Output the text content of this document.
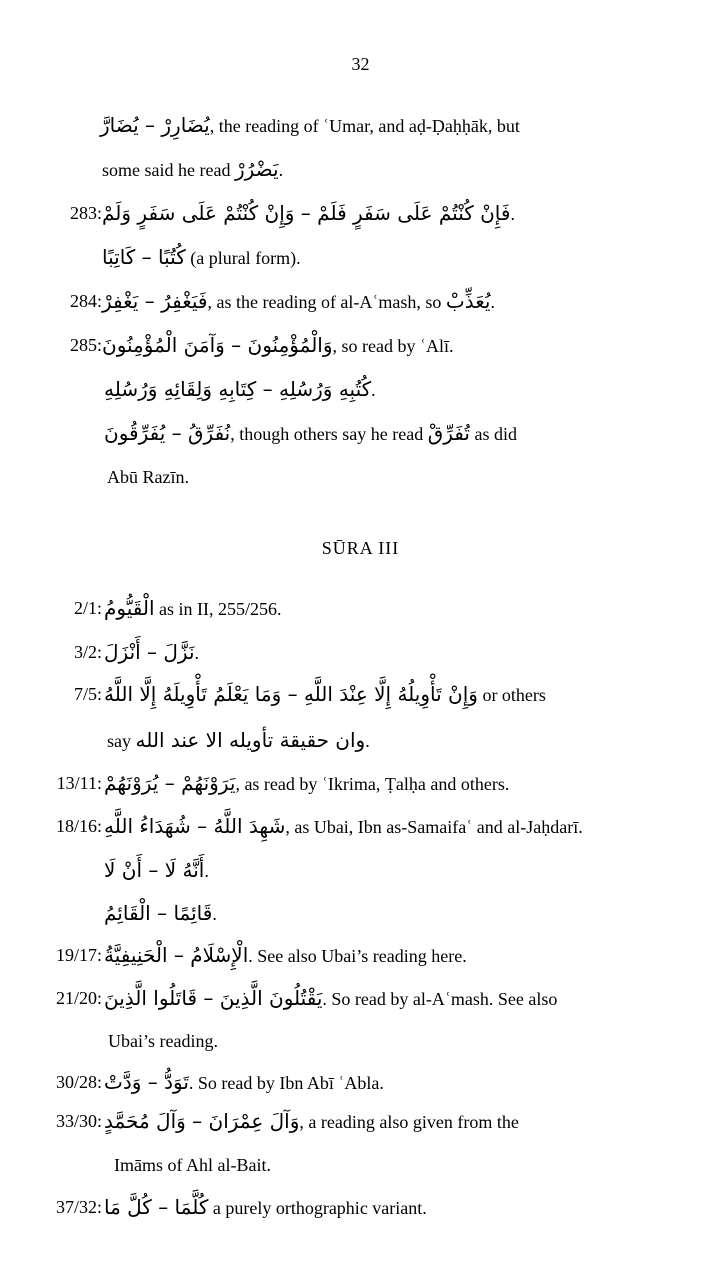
32
يُضَارِرْ – يُضَارَّ, the reading of ʿUmar, and aḍ-Ḍaḥḥāk, but
some said he read يَضْرُرْ.
283: فَإِنْ كُنْتُمْ عَلَى سَفَرٍ فَلَمْ – وَإِنْ كُنْتُمْ عَلَى سَفَرٍ وَلَمْ.
كُتُبًا – كَاتِبًا (a plural form).
284: فَيَغْفِرُ – يَغْفِرْ, as the reading of al-Aʿmash, so يُعَذِّبْ.
285: وَالْمُؤْمِنُونَ – وَآمَنَ الْمُؤْمِنُونَ, so read by ʿAlī.
كُتُبِهِ وَرُسُلِهِ – كِتَابِهِ وَلِقَائِهِ وَرُسُلِهِ.
نُفَرِّقُ – يُفَرِّقُونَ, though others say he read تُفَرِّقْ as did
Abū Razīn.
SŪRA III
2/1: الْقَيُّومُ as in II, 255/256.
3/2: نَزَّلَ – أَنْزَلَ.
7/5: وَإِنْ تَأْوِيلُهُ إِلَّا عِنْدَ اللَّهِ – وَمَا يَعْلَمُ تَأْوِيلَهُ إِلَّا اللَّهُ or others
say وان حقيقة تأويله الا عند الله.
13/11: يَرَوْنَهُمْ – يُرَوْنَهُمْ, as read by ʿIkrima, Ṭalḥa and others.
18/16: شَهِدَ اللَّهُ – شُهَدَاءُ اللَّهِ, as Ubai, Ibn as-Samaifaʿ and al-Jaḥdarī.
أَنَّهُ لَا – أَنْ لَا.
قَائِمًا – الْقَائِمُ.
19/17: الْإِسْلَامُ – الْحَنِيفِيَّةُ. See also Ubai’s reading here.
21/20: يَقْتُلُونَ الَّذِينَ – قَاتَلُوا الَّذِينَ. So read by al-Aʿmash. See also
Ubai’s reading.
30/28: تَوَدُّ – وَدَّتْ. So read by Ibn Abī ʿAbla.
33/30: وَآلَ عِمْرَانَ – وَآلَ مُحَمَّدٍ, a reading also given from the
Imāms of Ahl al-Bait.
37/32: كُلَّمَا – كُلَّ مَا a purely orthographic variant.
